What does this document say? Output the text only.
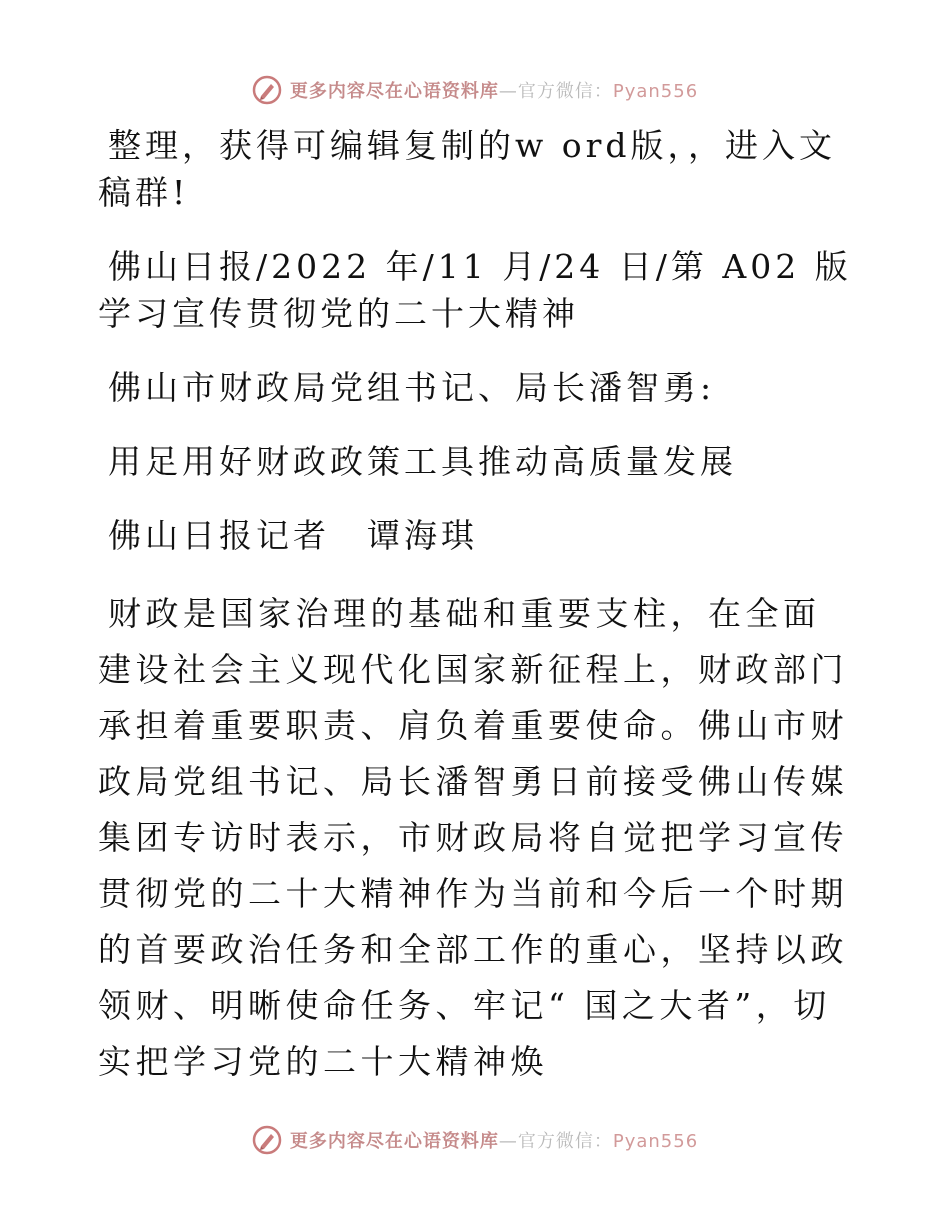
更多内容尽在心语资料库—官方微信：Pyan556

整理，获得可编辑复制的w ord版，，进入文稿群!

佛山日报/2022 年/11 月/24 日/第 A02 版学习宣传贯彻党的二十大精神

佛山市财政局党组书记、局长潘智勇:

用足用好财政政策工具推动高质量发展

佛山日报记者　谭海琪

财政是国家治理的基础和重要支柱，在全面建设社会主义现代化国家新征程上，财政部门承担着重要职责、肩负着重要使命。佛山市财政局党组书记、局长潘智勇日前接受佛山传媒集团专访时表示，市财政局将自觉把学习宣传贯彻党的二十大精神作为当前和今后一个时期的首要政治任务和全部工作的重心，坚持以政领财、明晰使命任务、牢记“ 国之大者”，切实把学习党的二十大精神焕

更多内容尽在心语资料库—官方微信：Pyan556
